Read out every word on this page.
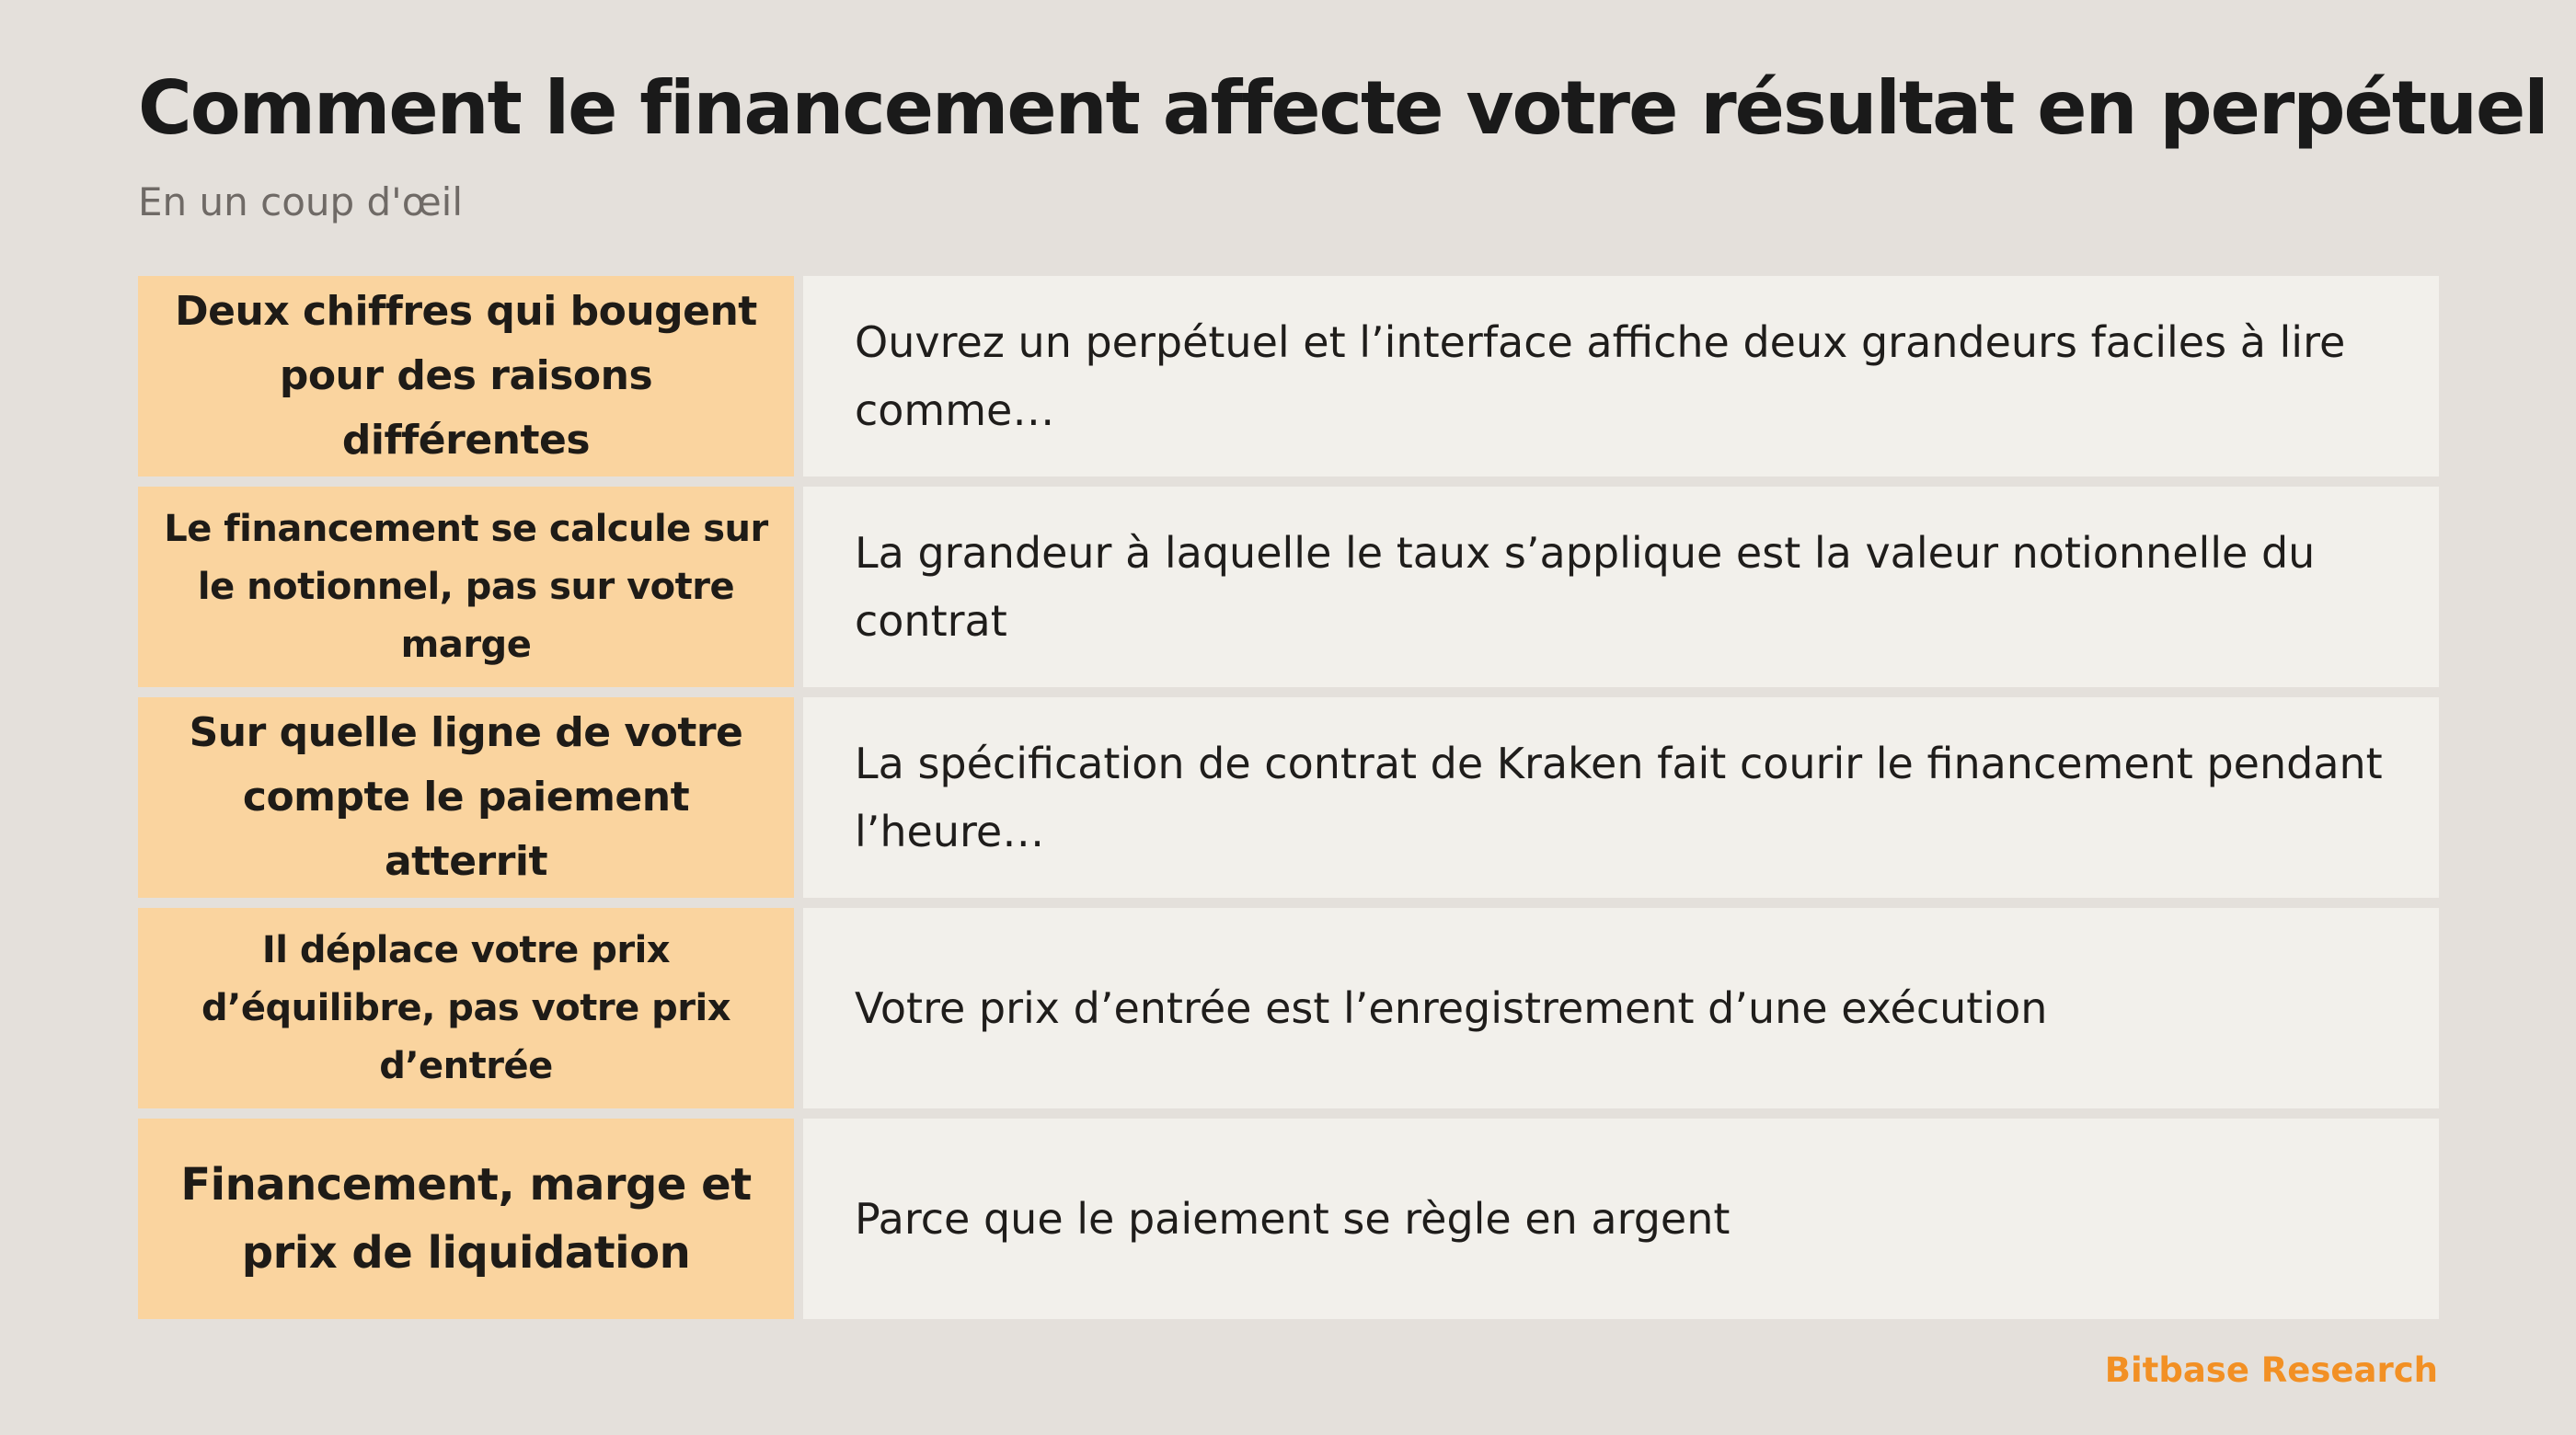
Comment le financement affecte votre résultat en perpétuel

En un coup d'œil

Deux chiffres qui bougent pour des raisons différentes
Ouvrez un perpétuel et l’interface affiche deux grandeurs faciles à lire comme…
Le financement se calcule sur le notionnel, pas sur votre marge
La grandeur à laquelle le taux s’applique est la valeur notionnelle du contrat
Sur quelle ligne de votre compte le paiement atterrit
La spécification de contrat de Kraken fait courir le financement pendant l’heure…
Il déplace votre prix d’équilibre, pas votre prix d’entrée
Votre prix d’entrée est l’enregistrement d’une exécution
Financement, marge et prix de liquidation
Parce que le paiement se règle en argent

Bitbase Research
